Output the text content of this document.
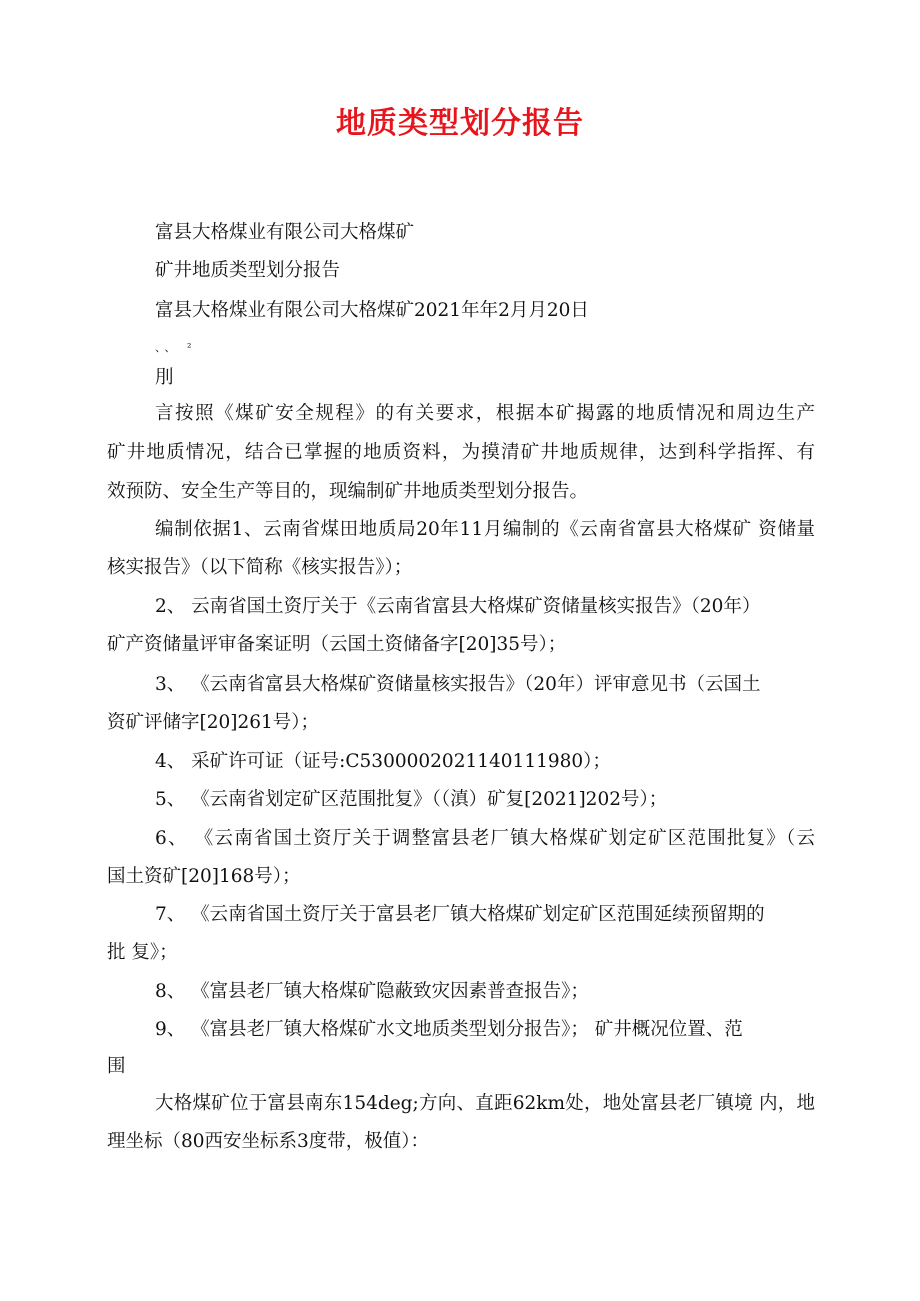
地质类型划分报告
富县大格煤业有限公司大格煤矿
矿井地质类型划分报告
富县大格煤业有限公司大格煤矿2021年年2月月20日
、、 ²
刖
言按照《煤矿安全规程》的有关要求，根据本矿揭露的地质情况和周边生产
矿井地质情况，结合已掌握的地质资料，为摸清矿井地质规律，达到科学指挥、有
效预防、安全生产等目的，现编制矿井地质类型划分报告。
编制依据1、云南省煤田地质局20年11月编制的《云南省富县大格煤矿 资储量
核实报告》（以下简称《核实报告》）；
2、 云南省国土资厅关于《云南省富县大格煤矿资储量核实报告》（20年）
矿产资储量评审备案证明（云国土资储备字[20]35号）；
3、 《云南省富县大格煤矿资储量核实报告》（20年）评审意见书（云国土
资矿评储字[20]261号）；
4、 采矿许可证（证号:C5300002021140111980）；
5、 《云南省划定矿区范围批复》（（滇）矿复[2021]202号）；
6、 《云南省国土资厅关于调整富县老厂镇大格煤矿划定矿区范围批复》（云
国土资矿[20]168号）；
7、 《云南省国土资厅关于富县老厂镇大格煤矿划定矿区范围延续预留期的
批 复》；
8、 《富县老厂镇大格煤矿隐蔽致灾因素普查报告》；
9、 《富县老厂镇大格煤矿水文地质类型划分报告》； 矿井概况位置、范
围
大格煤矿位于富县南东154deg;方向、直距62km处，地处富县老厂镇境 内，地
理坐标（80西安坐标系3度带，极值）：
